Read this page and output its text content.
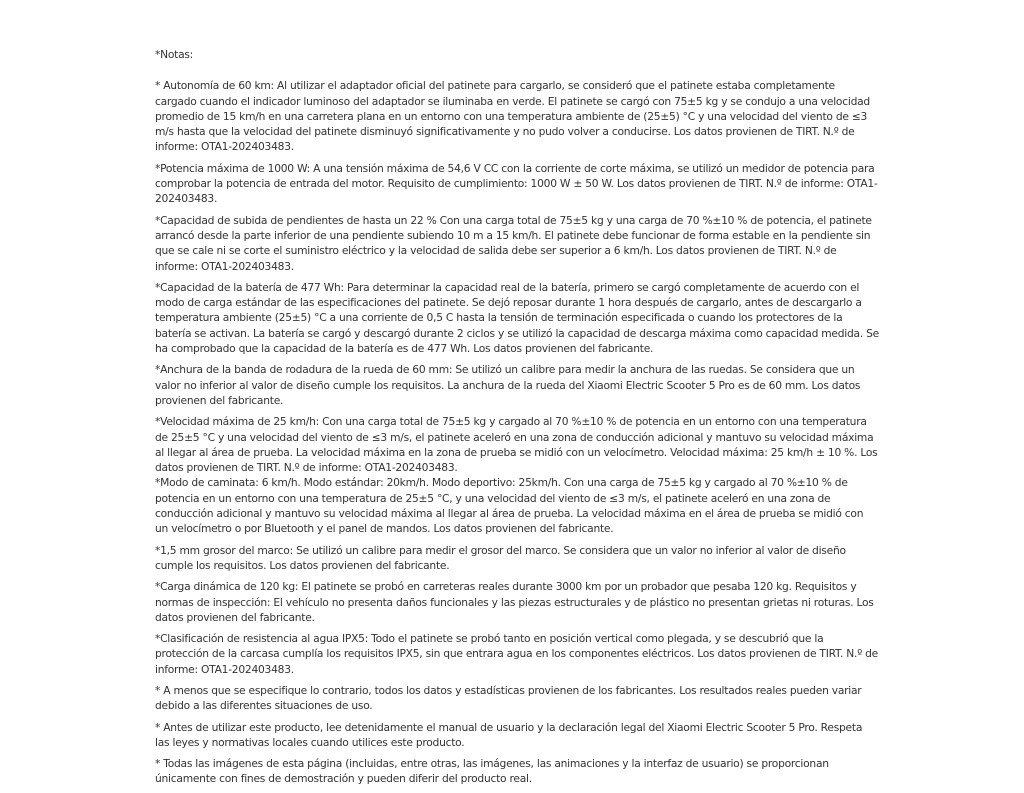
*Notas:

* Autonomía de 60 km: Al utilizar el adaptador oficial del patinete para cargarlo, se consideró que el patinete estaba completamente cargado cuando el indicador luminoso del adaptador se iluminaba en verde. El patinete se cargó con 75±5 kg y se condujo a una velocidad promedio de 15 km/h en una carretera plana en un entorno con una temperatura ambiente de (25±5) °C y una velocidad del viento de ≤3 m/s hasta que la velocidad del patinete disminuyó significativamente y no pudo volver a conducirse. Los datos provienen de TIRT. N.º de informe: OTA1-202403483.

*Potencia máxima de 1000 W: A una tensión máxima de 54,6 V CC con la corriente de corte máxima, se utilizó un medidor de potencia para comprobar la potencia de entrada del motor. Requisito de cumplimiento: 1000 W ± 50 W. Los datos provienen de TIRT. N.º de informe: OTA1-202403483.

*Capacidad de subida de pendientes de hasta un 22 % Con una carga total de 75±5 kg y una carga de 70 %±10 % de potencia, el patinete arrancó desde la parte inferior de una pendiente subiendo 10 m a 15 km/h. El patinete debe funcionar de forma estable en la pendiente sin que se cale ni se corte el suministro eléctrico y la velocidad de salida debe ser superior a 6 km/h. Los datos provienen de TIRT. N.º de informe: OTA1-202403483.

*Capacidad de la batería de 477 Wh: Para determinar la capacidad real de la batería, primero se cargó completamente de acuerdo con el modo de carga estándar de las especificaciones del patinete. Se dejó reposar durante 1 hora después de cargarlo, antes de descargarlo a temperatura ambiente (25±5) °C a una corriente de 0,5 C hasta la tensión de terminación especificada o cuando los protectores de la batería se activan. La batería se cargó y descargó durante 2 ciclos y se utilizó la capacidad de descarga máxima como capacidad medida. Se ha comprobado que la capacidad de la batería es de 477 Wh. Los datos provienen del fabricante.

*Anchura de la banda de rodadura de la rueda de 60 mm: Se utilizó un calibre para medir la anchura de las ruedas. Se considera que un valor no inferior al valor de diseño cumple los requisitos. La anchura de la rueda del Xiaomi Electric Scooter 5 Pro es de 60 mm. Los datos provienen del fabricante.

*Velocidad máxima de 25 km/h: Con una carga total de 75±5 kg y cargado al 70 %±10 % de potencia en un entorno con una temperatura de 25±5 °C y una velocidad del viento de ≤3 m/s, el patinete aceleró en una zona de conducción adicional y mantuvo su velocidad máxima al llegar al área de prueba. La velocidad máxima en la zona de prueba se midió con un velocímetro. Velocidad máxima: 25 km/h ± 10 %. Los datos provienen de TIRT. N.º de informe: OTA1-202403483.

*Modo de caminata: 6 km/h. Modo estándar: 20km/h. Modo deportivo: 25km/h. Con una carga de 75±5 kg y cargado al 70 %±10 % de potencia en un entorno con una temperatura de 25±5 °C, y una velocidad del viento de ≤3 m/s, el patinete aceleró en una zona de conducción adicional y mantuvo su velocidad máxima al llegar al área de prueba. La velocidad máxima en el área de prueba se midió con un velocímetro o por Bluetooth y el panel de mandos. Los datos provienen del fabricante.

*1,5 mm grosor del marco: Se utilizó un calibre para medir el grosor del marco. Se considera que un valor no inferior al valor de diseño cumple los requisitos. Los datos provienen del fabricante.

*Carga dinámica de 120 kg: El patinete se probó en carreteras reales durante 3000 km por un probador que pesaba 120 kg. Requisitos y normas de inspección: El vehículo no presenta daños funcionales y las piezas estructurales y de plástico no presentan grietas ni roturas. Los datos provienen del fabricante.

*Clasificación de resistencia al agua IPX5: Todo el patinete se probó tanto en posición vertical como plegada, y se descubrió que la protección de la carcasa cumplía los requisitos IPX5, sin que entrara agua en los componentes eléctricos. Los datos provienen de TIRT. N.º de informe: OTA1-202403483.

* A menos que se especifique lo contrario, todos los datos y estadísticas provienen de los fabricantes. Los resultados reales pueden variar debido a las diferentes situaciones de uso.

* Antes de utilizar este producto, lee detenidamente el manual de usuario y la declaración legal del Xiaomi Electric Scooter 5 Pro. Respeta las leyes y normativas locales cuando utilices este producto.

* Todas las imágenes de esta página (incluidas, entre otras, las imágenes, las animaciones y la interfaz de usuario) se proporcionan únicamente con fines de demostración y pueden diferir del producto real.
